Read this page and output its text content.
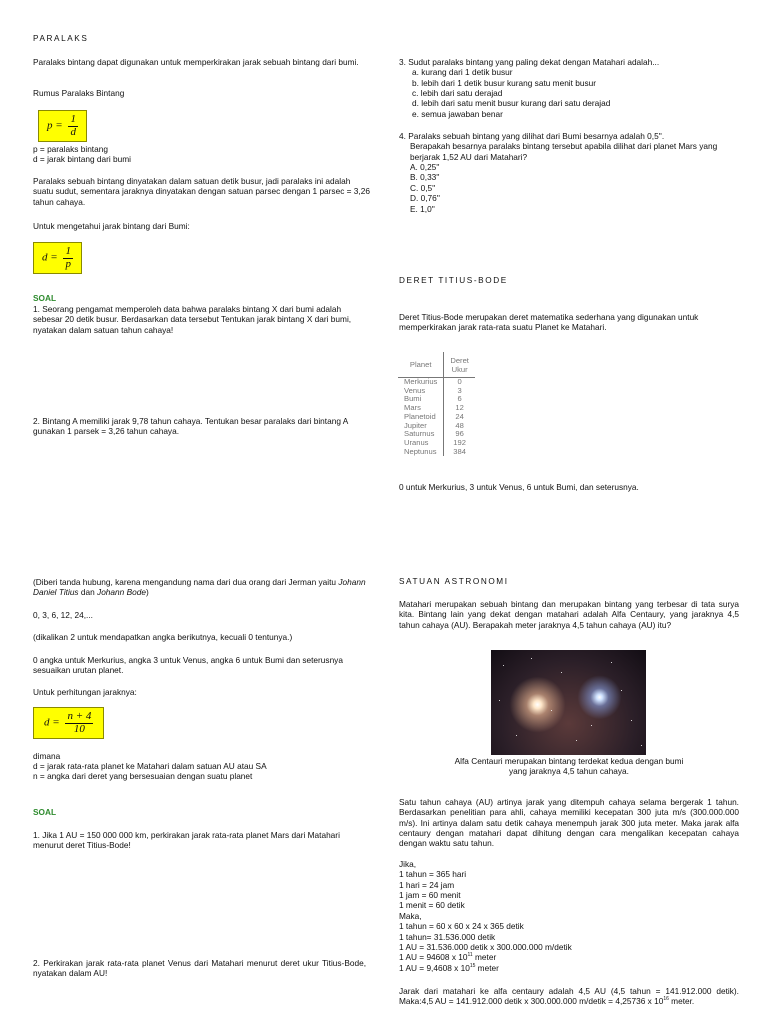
PARALAKS

Paralaks bintang dapat digunakan untuk memperkirakan jarak sebuah bintang dari bumi.

Rumus Paralaks Bintang

$p = \frac{1}{d}$

p = paralaks bintang

d = jarak bintang dari bumi

Paralaks sebuah bintang dinyatakan dalam satuan detik busur, jadi paralaks ini adalah suatu sudut, sementara jaraknya dinyatakan dengan satuan parsec dengan 1 parsec = 3,26 tahun cahaya.

Untuk mengetahui jarak bintang dari Bumi:

$d = \frac{1}{p}$

SOAL

1. Seorang pengamat memperoleh data bahwa paralaks bintang X dari bumi adalah sebesar 20 detik busur. Berdasarkan data tersebut Tentukan jarak bintang X dari bumi, nyatakan dalam satuan tahun cahaya!

2. Bintang A memiliki jarak 9,78 tahun cahaya. Tentukan besar paralaks dari bintang A gunakan 1 parsek = 3,26 tahun cahaya.

(Diberi tanda hubung, karena mengandung nama dari dua orang dari Jerman yaitu Johann Daniel Titius dan Johann Bode)

0, 3, 6, 12, 24,...

(dikalikan 2 untuk mendapatkan angka berikutnya, kecuali 0 tentunya.)

0 angka untuk Merkurius, angka 3 untuk Venus, angka 6 untuk Bumi dan seterusnya sesuaikan urutan planet.

Untuk perhitungan jaraknya:

$d = \frac{n + 4}{10}$

dimana

d = jarak rata-rata planet ke Matahari dalam satuan AU atau SA

n = angka dari deret yang bersesuaian dengan suatu planet

SOAL

1. Jika 1 AU = 150 000 000 km, perkirakan jarak rata-rata planet Mars dari Matahari menurut deret Titius-Bode!

2. Perkirakan jarak rata-rata planet Venus dari Matahari menurut deret ukur Titius-Bode, nyatakan dalam AU!

3. Sudut paralaks bintang yang paling dekat dengan Matahari adalah...

a. kurang dari 1 detik busur

b. lebih dari 1 detik busur kurang satu menit busur

c. lebih dari satu derajad

d. lebih dari satu menit busur kurang dari satu derajad

e. semua jawaban benar

4. Paralaks sebuah bintang yang dilihat dari Bumi besarnya adalah 0,5''.

Berapakah besarnya paralaks bintang tersebut apabila dilihat dari planet Mars yang berjarak 1,52 AU dari Matahari?

A. 0,25''

B. 0,33''

C. 0,5''

D. 0,76''

E. 1,0''

DERET TITIUS-BODE

Deret Titius-Bode merupakan deret matematika sederhana yang digunakan untuk memperkirakan jarak rata-rata suatu Planet ke Matahari.

Planet	Deret
Ukur
Merkurius	0
Venus	3
Bumi	6
Mars	12
Planetoid	24
Jupiter	48
Saturnus	96
Uranus	192
Neptunus	384

0 untuk Merkurius, 3 untuk Venus, 6 untuk Bumi, dan seterusnya.

SATUAN ASTRONOMI

Matahari merupakan sebuah bintang dan merupakan bintang yang terbesar di tata surya kita. Bintang lain yang dekat dengan matahari adalah Alfa Centaury, yang jaraknya 4,5 tahun cahaya (AU). Berapakah meter jaraknya 4,5 tahun cahaya (AU) itu?

Alfa Centauri merupakan bintang terdekat kedua dengan bumi

yang jaraknya 4,5 tahun cahaya.

Satu tahun cahaya (AU) artinya jarak yang ditempuh cahaya selama bergerak 1 tahun. Berdasarkan penelitian para ahli, cahaya memiliki kecepatan 300 juta m/s (300.000.000 m/s). Ini artinya dalam satu detik cahaya menempuh jarak 300 juta meter. Maka jarak alfa centaury dengan matahari dapat dihitung dengan cara mengalikan kecepatan cahaya dengan waktu satu tahun.

Jika,

1 tahun = 365 hari

1 hari = 24 jam

1 jam = 60 menit

1 menit = 60 detik

Maka,

1 tahun = 60 x 60 x 24 x 365 detik

1 tahun= 31.536.000 detik

1 AU = 31.536.000 detik x 300.000.000 m/detik

1 AU = 94608 x $10^{11}$ meter

1 AU = 9,4608 x $10^{15}$ meter

Jarak dari matahari ke alfa centaury adalah 4,5 AU (4,5 tahun = 141.912.000 detik). Maka:4,5 AU = 141.912.000 detik x 300.000.000 m/detik = 4,25736 x $10^{16}$ meter.
